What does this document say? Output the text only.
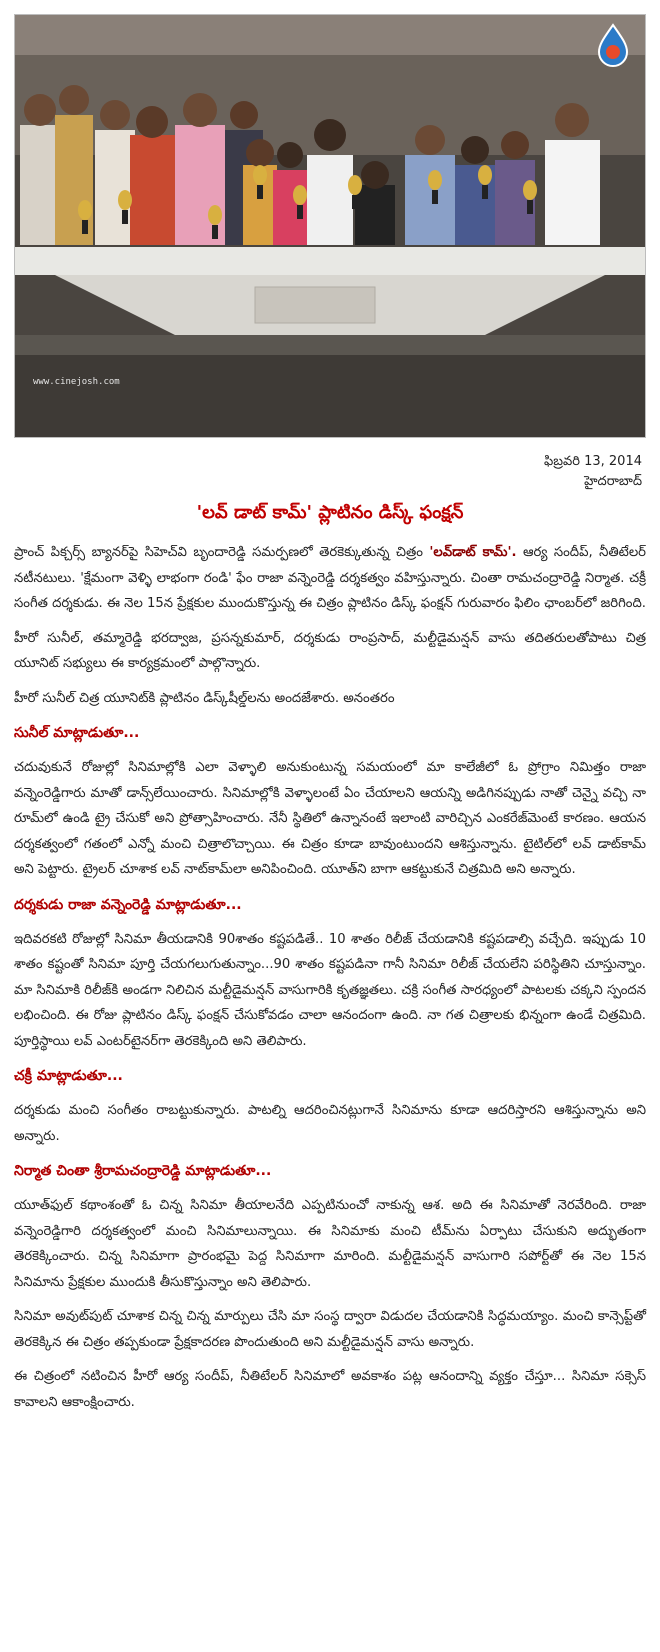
www.cinejosh.com
ఫిబ్రవరి 13, 2014
హైదరాబాద్
'లవ్ డాట్ కామ్' ప్లాటినం డిస్క్ ఫంక్షన్

ప్రాంచ్ పిక్చర్స్ బ్యానర్‌పై సిహెచ్‌వి బృందారెడ్డి సమర్పణలో తెరకెక్కుతున్న చిత్రం 'లవ్‌డాట్ కామ్'. ఆర్య సందీప్, నీతిటేలర్ నటీనటులు. 'క్షేమంగా వెళ్ళి లాభంగా రండి' ఫేం రాజా వన్నెంరెడ్డి దర్శకత్వం వహిస్తున్నారు. చింతా రామచంద్రారెడ్డి నిర్మాత. చక్రీ సంగీత దర్శకుడు. ఈ నెల 15న ప్రేక్షకుల ముందుకొస్తున్న ఈ చిత్రం ప్లాటినం డిస్క్ ఫంక్షన్ గురువారం ఫిలిం ఛాంబర్‌లో జరిగింది.

హీరో సునీల్, తమ్మారెడ్డి భరద్వాజ, ప్రసన్నకుమార్, దర్శకుడు రాంప్రసాద్, మల్టీడైమన్షన్ వాసు తదితరులతోపాటు చిత్ర యూనిట్ సభ్యులు ఈ కార్యక్రమంలో పాల్గొన్నారు.

హీరో సునీల్ చిత్ర యూనిట్‌కి ప్లాటినం డిస్క్‌షీల్డ్‌లను అందజేశారు. అనంతరం

సునీల్ మాట్లాడుతూ...

చదువుకునే రోజుల్లో సినిమాల్లోకి ఎలా వెళ్ళాలి అనుకుంటున్న సమయంలో మా కాలేజీలో ఓ ప్రోగ్రాం నిమిత్తం రాజా వన్నెంరెడ్డిగారు మాతో డాన్స్‌లేయించారు. సినిమాల్లోకి వెళ్ళాలంటే ఏం చేయాలని ఆయన్ని అడిగినప్పుడు నాతో చెన్నై వచ్చి నా రూమ్‌లో ఉండి ట్రై చేసుకో అని ప్రోత్సాహించారు. నేనీ స్థితిలో ఉన్నానంటే ఇలాంటి వారిచ్చిన ఎంకరేజ్‌మెంటే కారణం. ఆయన దర్శకత్వంలో గతంలో ఎన్నో మంచి చిత్రాలొచ్చాయి. ఈ చిత్రం కూడా బావుంటుందని ఆశిస్తున్నాను. టైటిల్‌లో లవ్ డాట్‌కామ్ అని పెట్టారు. ట్రైలర్ చూశాక లవ్ నాట్‌కామ్‌లా అనిపించింది. యూత్‌ని బాగా ఆకట్టుకునే చిత్రమిది అని అన్నారు.

దర్శకుడు రాజా వన్నెంరెడ్డి మాట్లాడుతూ...

ఇదివరకటి రోజుల్లో సినిమా తీయడానికి 90శాతం కష్టపడితే.. 10 శాతం రిలీజ్ చేయడానికి కష్టపడాల్సి వచ్చేది. ఇప్పుడు 10 శాతం కష్టంతో సినిమా పూర్తి చేయగలుగుతున్నాం...90 శాతం కష్టపడినా గానీ సినిమా రిలీజ్ చేయలేని పరిస్థితిని చూస్తున్నాం. మా సినిమాకి రిలీజ్‌కి అండగా నిలిచిన మల్టీడైమన్షన్ వాసుగారికి కృతజ్ఞతలు. చక్రి సంగీత సారధ్యంలో పాటలకు చక్కని స్పందన లభించింది. ఈ రోజు ప్లాటినం డిస్క్ ఫంక్షన్ చేసుకోవడం చాలా ఆనందంగా ఉంది. నా గత చిత్రాలకు భిన్నంగా ఉండే చిత్రమిది. పూర్తిస్థాయి లవ్ ఎంటర్‌టైనర్‌గా తెరకెక్కింది అని తెలిపారు.

చక్రీ మాట్లాడుతూ...

దర్శకుడు మంచి సంగీతం రాబట్టుకున్నారు. పాటల్ని ఆదరించినట్లుగానే సినిమాను కూడా ఆదరిస్తారని ఆశిస్తున్నాను అని అన్నారు.

నిర్మాత చింతా శ్రీరామచంద్రారెడ్డి మాట్లాడుతూ...

యూత్‌ఫుల్ కథాంశంతో ఓ చిన్న సినిమా తీయాలనేది ఎప్పటినుంచో నాకున్న ఆశ. అది ఈ సినిమాతో నెరవేరింది. రాజా వన్నెంరెడ్డిగారి దర్శకత్వంలో మంచి సినిమాలున్నాయి. ఈ సినిమాకు మంచి టీమ్‌ను ఏర్పాటు చేసుకుని అద్భుతంగా తెరకెక్కించారు. చిన్న సినిమాగా ప్రారంభమై పెద్ద సినిమాగా మారింది. మల్టీడైమన్షన్ వాసుగారి సపోర్ట్‌తో ఈ నెల 15న సినిమాను ప్రేక్షకుల ముందుకి తీసుకొస్తున్నాం అని తెలిపారు.

సినిమా అవుట్‌పుట్ చూశాక చిన్న చిన్న మార్పులు చేసి మా సంస్థ ద్వారా విడుదల చేయడానికి సిద్ధమయ్యాం. మంచి కాన్సెప్ట్‌తో తెరకెక్కిన ఈ చిత్రం తప్పకుండా ప్రేక్షకాదరణ పొందుతుంది అని మల్టీడైమన్షన్ వాసు అన్నారు.

ఈ చిత్రంలో నటించిన హీరో ఆర్య సందీప్, నీతిటేలర్ సినిమాలో అవకాశం పట్ల ఆనందాన్ని వ్యక్తం చేస్తూ... సినిమా సక్సెస్ కావాలని ఆకాంక్షించారు.
